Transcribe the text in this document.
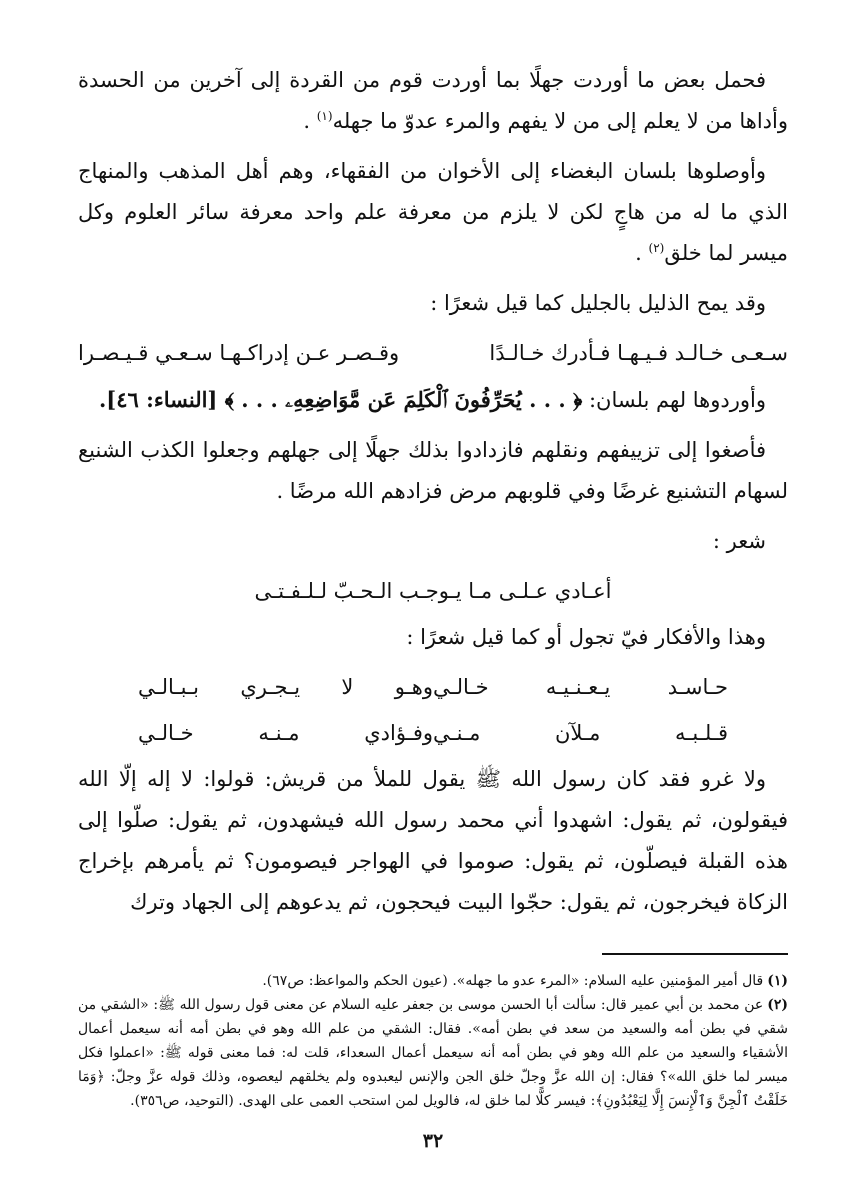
فحمل بعض ما أوردت جهلًا بما أوردت قوم من القردة إلى آخرين من الحسدة وأداها من لا يعلم إلى من لا يفهم والمرء عدوّ ما جهله$^{(١)}$ .

وأوصلوها بلسان البغضاء إلى الأخوان من الفقهاء، وهم أهل المذهب والمنهاج الذي ما له من هاجٍ لكن لا يلزم من معرفة علم واحد معرفة سائر العلوم وكل ميسر لما خلق$^{(٢)}$ .

وقد يمح الذليل بالجليل كما قيل شعرًا :

سـعـى خـالـد فـيـهـا فـأدرك خـالـدًا
وقـصـر عـن إدراكـهـا سـعـي قـيـصـرا

وأوردوها لهم بلسان: ﴿ . . . يُحَرِّفُونَ ٱلْكَلِمَ عَن مَّوَاضِعِهِۦ . . . ﴾ [النساء: ٤٦].

فأصغوا إلى تزييفهم ونقلهم فازدادوا بذلك جهلًا إلى جهلهم وجعلوا الكذب الشنيع لسهام التشنيع غرضًا وفي قلوبهم مرض فزادهم الله مرضًا .

شعر :

أعـادي عـلـى مـا يـوجـب الـحـبّ لـلـفـتـى

وهذا والأفكار فيّ تجول أو كما قيل شعرًا :

حـاسـد يـعـنـيـه خـالـي
وهـو لا يـجـري بـبـالـي
قـلـبـه مـلآن مـنـي
وفـؤادي مـنـه خـالـي

ولا غرو فقد كان رسول الله ﷺ يقول للملأ من قريش: قولوا: لا إله إلّا الله فيقولون، ثم يقول: اشهدوا أني محمد رسول الله فيشهدون، ثم يقول: صلّوا إلى هذه القبلة فيصلّون، ثم يقول: صوموا في الهواجر فيصومون؟ ثم يأمرهم بإخراج الزكاة فيخرجون، ثم يقول: حجّوا البيت فيحجون، ثم يدعوهم إلى الجهاد وترك

(١)قال أمير المؤمنين عليه السلام: «المرء عدو ما جهله». (عيون الحكم والمواعظ: ص٦٧).

(٢)عن محمد بن أبي عمير قال: سألت أبا الحسن موسى بن جعفر عليه السلام عن معنى قول رسول الله ﷺ: «الشقي من شقي في بطن أمه والسعيد من سعد في بطن أمه». فقال: الشقي من علم الله وهو في بطن أمه أنه سيعمل أعمال الأشقياء والسعيد من علم الله وهو في بطن أمه أنه سيعمل أعمال السعداء، قلت له: فما معنى قوله ﷺ: «اعملوا فكل ميسر لما خلق الله»؟ فقال: إن الله عزَّ وجلّ خلق الجن والإنس ليعبدوه ولم يخلقهم ليعصوه، وذلك قوله عزَّ وجلّ: ﴿وَمَا خَلَقْتُ ٱلْجِنَّ وَٱلْإِنسَ إِلَّا لِيَعْبُدُونِ﴾: فيسر كلًّا لما خلق له، فالويل لمن استحب العمى على الهدى. (التوحيد، ص٣٥٦).

٣٢
